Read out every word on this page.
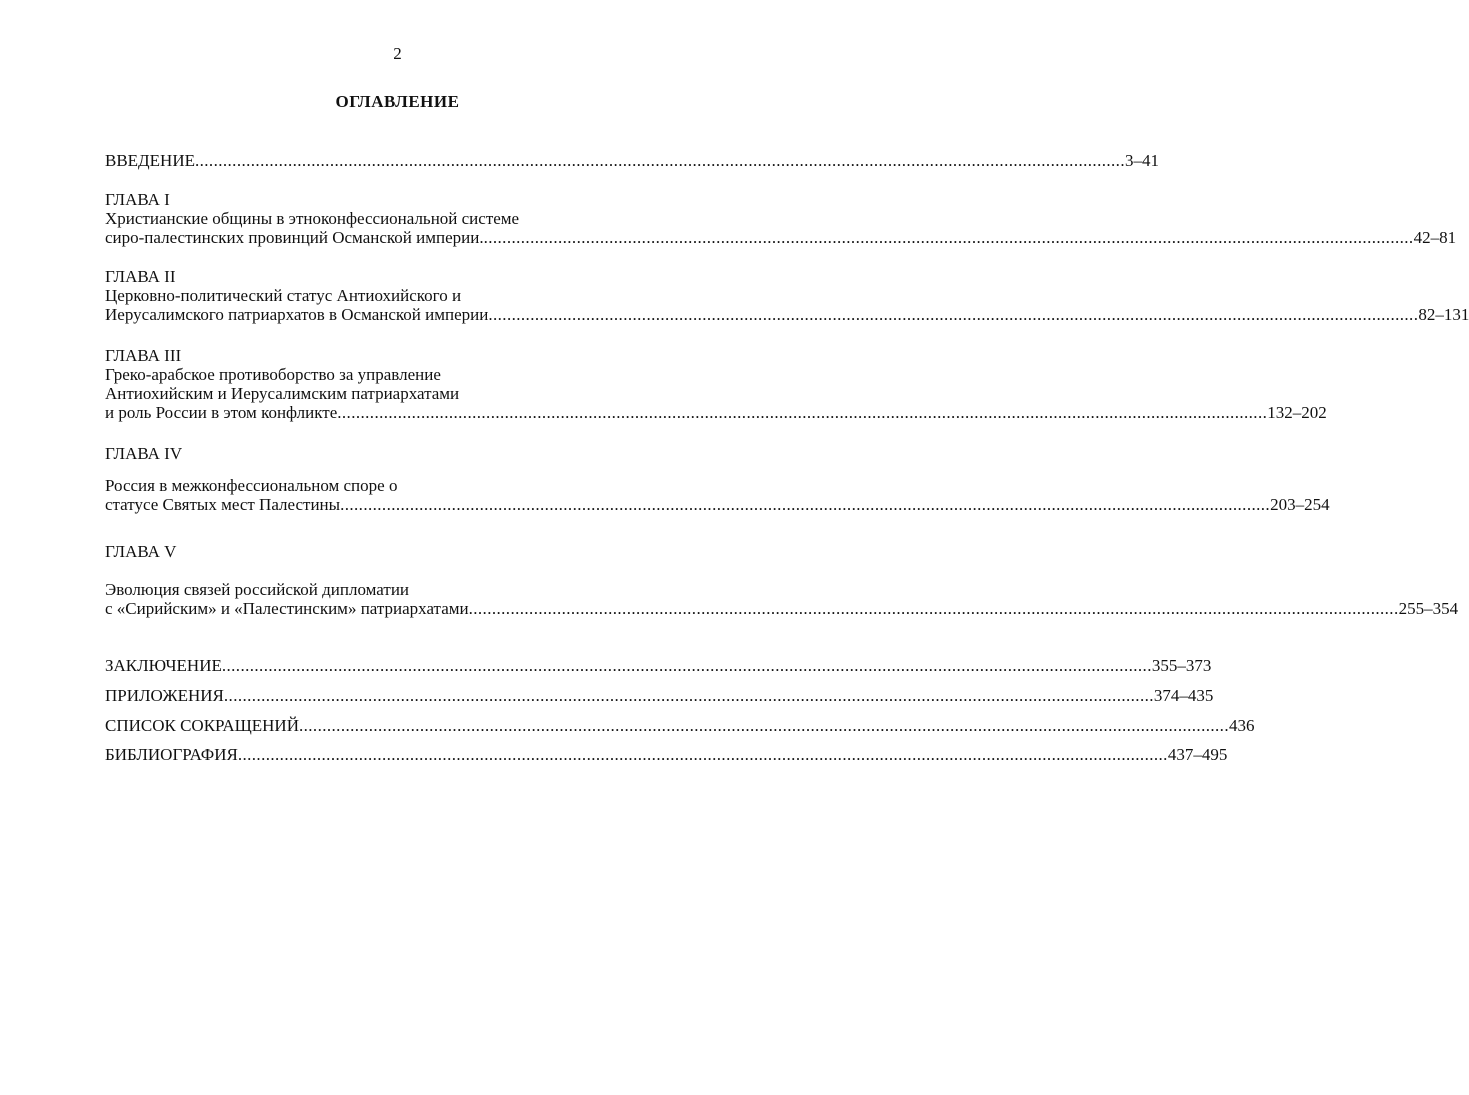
2
ОГЛАВЛЕНИЕ
ВВЕДЕНИЕ ........................................................................................................................................................................................................ 3–41
ГЛАВА I
Христианские общины в этноконфессиональной системе
сиро-палестинских провинций Османской империи. ........................................................................................................................................................................................................ 42–81
ГЛАВА II
Церковно-политический статус Антиохийского и
Иерусалимского патриархатов в Османской империи ........................................................................................................................................................................................................ 82–131
ГЛАВА III
Греко-арабское противоборство за управление
Антиохийским и Иерусалимским патриархатами
и роль России в этом конфликте ........................................................................................................................................................................................................ 132–202
ГЛАВА IV
Россия в межконфессиональном споре о
статусе Святых мест Палестины ........................................................................................................................................................................................................ 203–254
ГЛАВА V
Эволюция связей российской дипломатии
с «Сирийским» и «Палестинским» патриархатами ........................................................................................................................................................................................................ 255–354
ЗАКЛЮЧЕНИЕ ........................................................................................................................................................................................................ 355–373
ПРИЛОЖЕНИЯ ........................................................................................................................................................................................................ 374–435
СПИСОК СОКРАЩЕНИЙ ........................................................................................................................................................................................................ 436
БИБЛИОГРАФИЯ ........................................................................................................................................................................................................ 437–495
